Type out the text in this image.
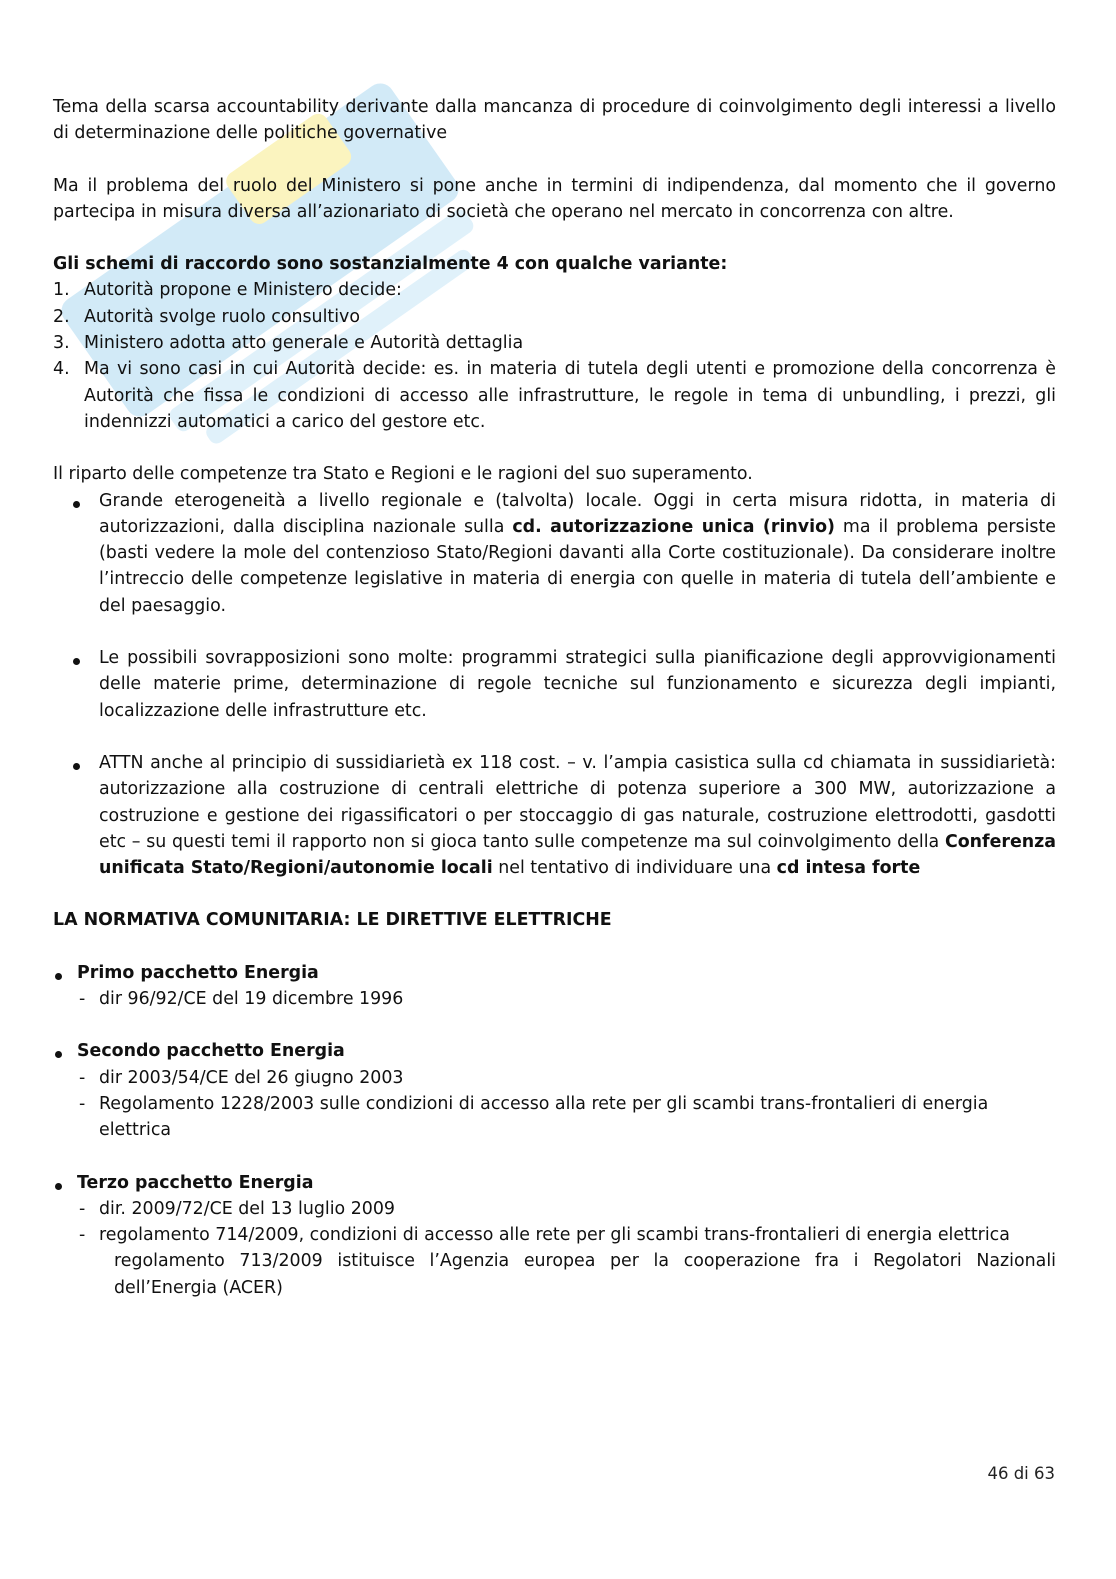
Tema della scarsa accountability derivante dalla mancanza di procedure di coinvolgimento degli interessi a livello di determinazione delle politiche governative

Ma il problema del ruolo del Ministero si pone anche in termini di indipendenza, dal momento che il governo partecipa in misura diversa all’azionariato di società che operano nel mercato in concorrenza con altre.

Gli schemi di raccordo sono sostanzialmente 4 con qualche variante:

1. Autorità propone e Ministero decide:
2. Autorità svolge ruolo consultivo
3. Ministero adotta atto generale e Autorità dettaglia
4. Ma vi sono casi in cui Autorità decide: es. in materia di tutela degli utenti e promozione della concorrenza è Autorità che fissa le condizioni di accesso alle infrastrutture, le regole in tema di unbundling, i prezzi, gli indennizzi automatici a carico del gestore etc.

Il riparto delle competenze tra Stato e Regioni e le ragioni del suo superamento.

Grande eterogeneità a livello regionale e (talvolta) locale. Oggi in certa misura ridotta, in materia di autorizzazioni, dalla disciplina nazionale sulla cd. autorizzazione unica (rinvio) ma il problema persiste (basti vedere la mole del contenzioso Stato/Regioni davanti alla Corte costituzionale). Da considerare inoltre l’intreccio delle competenze legislative in materia di energia con quelle in materia di tutela dell’ambiente e del paesaggio.
Le possibili sovrapposizioni sono molte: programmi strategici sulla pianificazione degli approvvigionamenti delle materie prime, determinazione di regole tecniche sul funzionamento e sicurezza degli impianti, localizzazione delle infrastrutture etc.
ATTN anche al principio di sussidiarietà ex 118 cost. – v. l’ampia casistica sulla cd chiamata in sussidiarietà: autorizzazione alla costruzione di centrali elettriche di potenza superiore a 300 MW, autorizzazione a costruzione e gestione dei rigassificatori o per stoccaggio di gas naturale, costruzione elettrodotti, gasdotti etc – su questi temi il rapporto non si gioca tanto sulle competenze ma sul coinvolgimento della Conferenza unificata Stato/Regioni/autonomie locali nel tentativo di individuare una cd intesa forte

LA NORMATIVA COMUNITARIA: LE DIRETTIVE ELETTRICHE

Primo pacchetto Energia
- dir 96/92/CE del 19 dicembre 1996
Secondo pacchetto Energia
- dir 2003/54/CE del 26 giugno 2003
- Regolamento 1228/2003 sulle condizioni di accesso alla rete per gli scambi trans-frontalieri di energia elettrica
Terzo pacchetto Energia
- dir. 2009/72/CE del 13 luglio 2009
- regolamento 714/2009, condizioni di accesso alle rete per gli scambi trans-frontalieri di energia elettrica

regolamento 713/2009 istituisce l’Agenzia europea per la cooperazione fra i Regolatori Nazionali dell’Energia (ACER)

46 di 63
